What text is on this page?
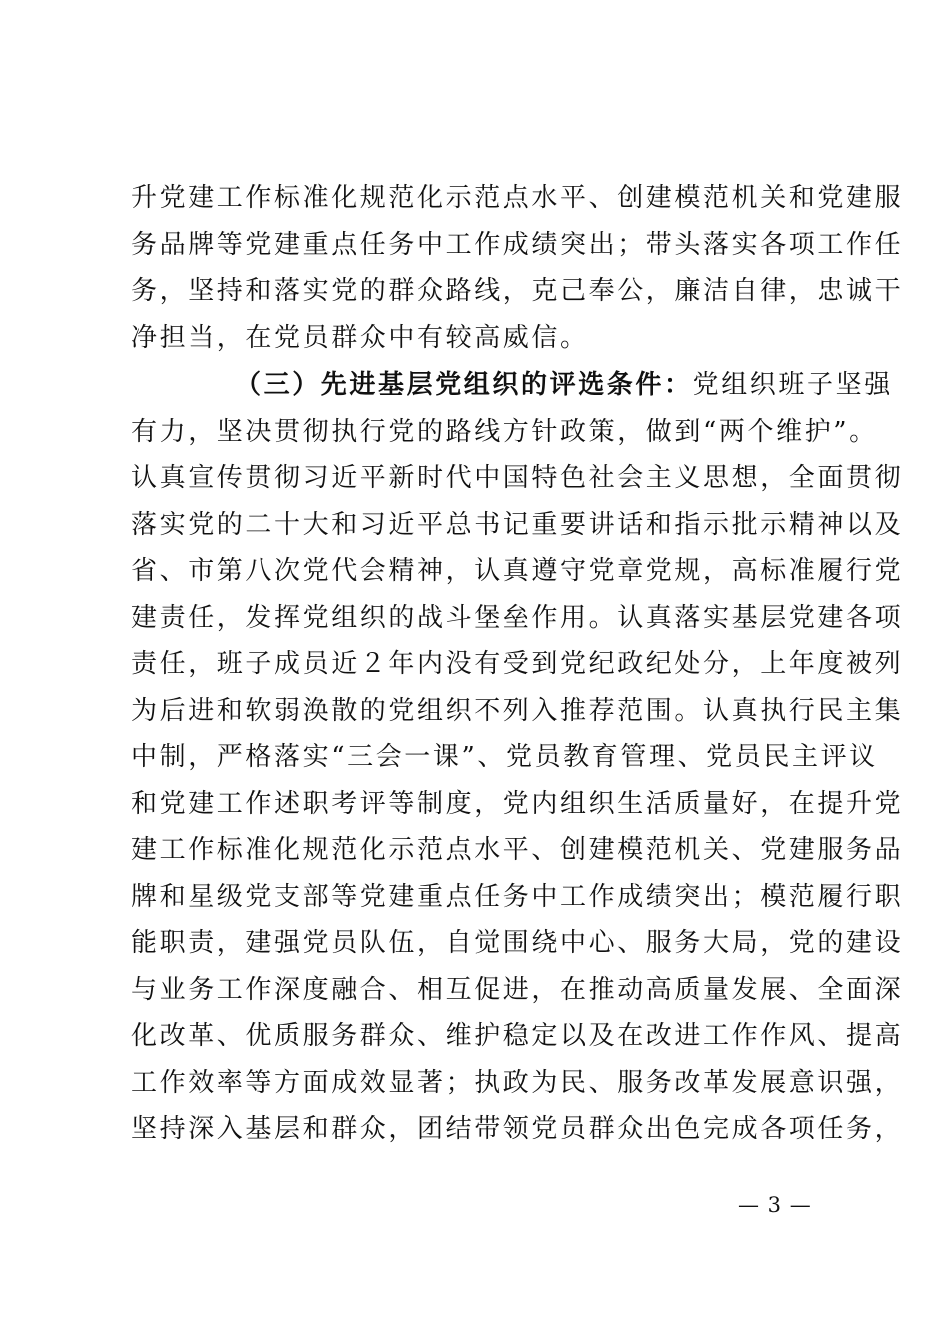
升党建工作标准化规范化示范点水平、创建模范机关和党建服
务品牌等党建重点任务中工作成绩突出；带头落实各项工作任
务，坚持和落实党的群众路线，克己奉公，廉洁自律，忠诚干
净担当，在党员群众中有较高威信。
（三）先进基层党组织的评选条件：党组织班子坚强
有力，坚决贯彻执行党的路线方针政策，做到“两个维护”。
认真宣传贯彻习近平新时代中国特色社会主义思想，全面贯彻
落实党的二十大和习近平总书记重要讲话和指示批示精神以及
省、市第八次党代会精神，认真遵守党章党规，高标准履行党
建责任，发挥党组织的战斗堡垒作用。认真落实基层党建各项
责任，班子成员近２年内没有受到党纪政纪处分，上年度被列
为后进和软弱涣散的党组织不列入推荐范围。认真执行民主集
中制，严格落实“三会一课”、党员教育管理、党员民主评议
和党建工作述职考评等制度，党内组织生活质量好，在提升党
建工作标准化规范化示范点水平、创建模范机关、党建服务品
牌和星级党支部等党建重点任务中工作成绩突出；模范履行职
能职责，建强党员队伍，自觉围绕中心、服务大局，党的建设
与业务工作深度融合、相互促进，在推动高质量发展、全面深
化改革、优质服务群众、维护稳定以及在改进工作作风、提高
工作效率等方面成效显著；执政为民、服务改革发展意识强，
坚持深入基层和群众，团结带领党员群众出色完成各项任务，
— 3 —
